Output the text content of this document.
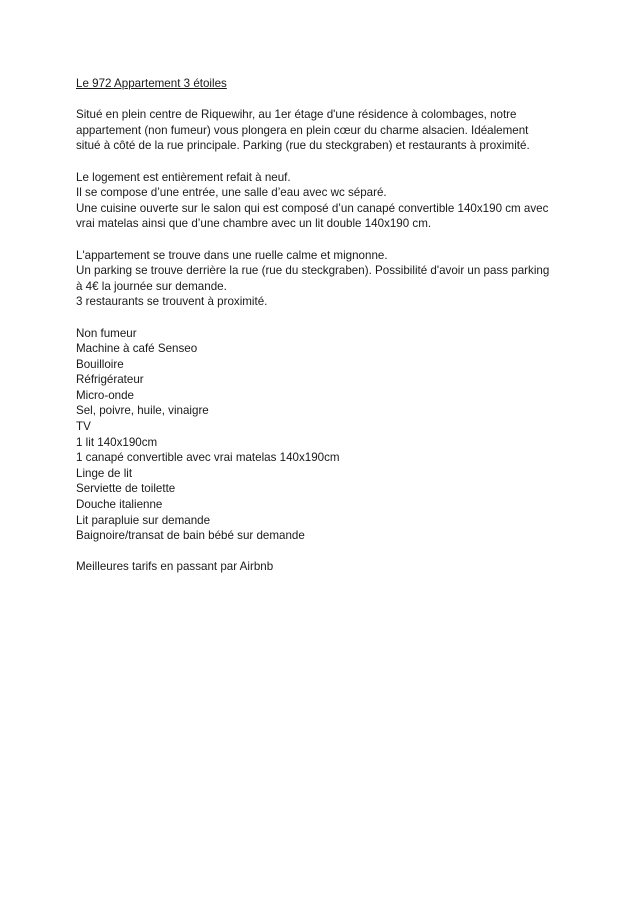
Le 972 Appartement 3 étoiles
Situé en plein centre de Riquewihr, au 1er étage d'une résidence à colombages, notre
appartement (non fumeur) vous plongera en plein cœur du charme alsacien. Idéalement
situé à côté de la rue principale. Parking (rue du steckgraben) et restaurants à proximité.
Le logement est entièrement refait à neuf.
Il se compose d’une entrée, une salle d’eau avec wc séparé.
Une cuisine ouverte sur le salon qui est composé d’un canapé convertible 140x190 cm avec
vrai matelas ainsi que d’une chambre avec un lit double 140x190 cm.
L'appartement se trouve dans une ruelle calme et mignonne.
Un parking se trouve derrière la rue (rue du steckgraben). Possibilité d'avoir un pass parking
à 4€ la journée sur demande.
3 restaurants se trouvent à proximité.
Non fumeur
Machine à café Senseo
Bouilloire
Réfrigérateur
Micro-onde
Sel, poivre, huile, vinaigre
TV
1 lit 140x190cm
1 canapé convertible avec vrai matelas 140x190cm
Linge de lit
Serviette de toilette
Douche italienne
Lit parapluie sur demande
Baignoire/transat de bain bébé sur demande
Meilleures tarifs en passant par Airbnb
